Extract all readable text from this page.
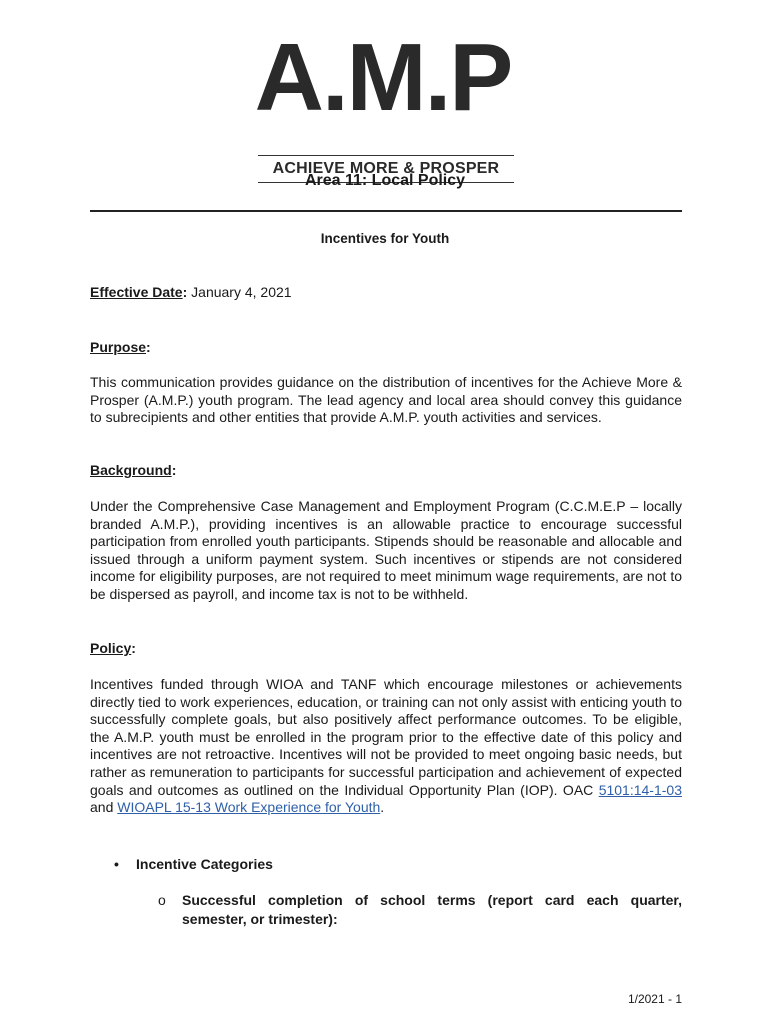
A.M.P
ACHIEVE MORE & PROSPER
Area 11: Local Policy
Incentives for Youth
Effective Date: January 4, 2021
Purpose:
This communication provides guidance on the distribution of incentives for the Achieve More & Prosper (A.M.P.) youth program. The lead agency and local area should convey this guidance to subrecipients and other entities that provide A.M.P. youth activities and services.
Background:
Under the Comprehensive Case Management and Employment Program (C.C.M.E.P – locally branded A.M.P.), providing incentives is an allowable practice to encourage successful participation from enrolled youth participants. Stipends should be reasonable and allocable and issued through a uniform payment system. Such incentives or stipends are not considered income for eligibility purposes, are not required to meet minimum wage requirements, are not to be dispersed as payroll, and income tax is not to be withheld.
Policy:
Incentives funded through WIOA and TANF which encourage milestones or achievements directly tied to work experiences, education, or training can not only assist with enticing youth to successfully complete goals, but also positively affect performance outcomes. To be eligible, the A.M.P. youth must be enrolled in the program prior to the effective date of this policy and incentives are not retroactive. Incentives will not be provided to meet ongoing basic needs, but rather as remuneration to participants for successful participation and achievement of expected goals and outcomes as outlined on the Individual Opportunity Plan (IOP). OAC 5101:14-1-03 and WIOAPL 15-13 Work Experience for Youth.
•	Incentive Categories
o Successful completion of school terms (report card each quarter, semester, or trimester):
1/2021 - 1
